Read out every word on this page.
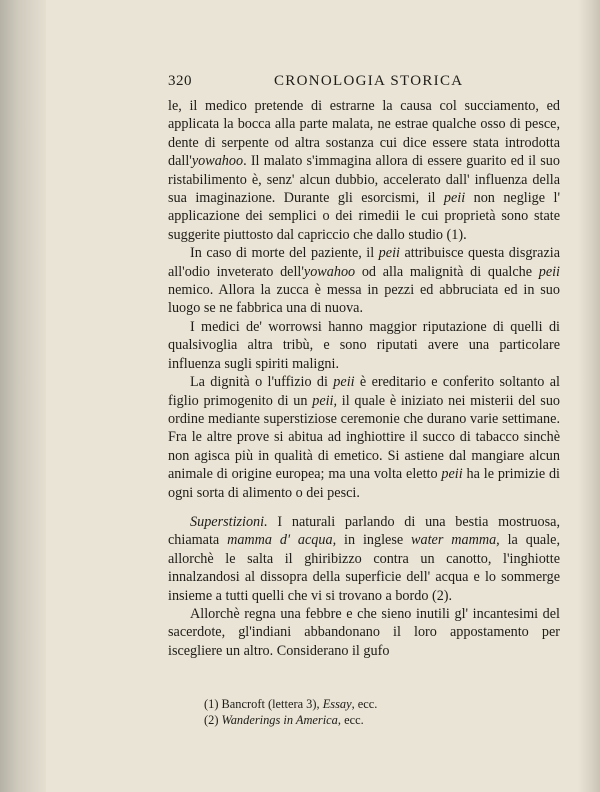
320	CRONOLOGIA STORICA

le, il medico pretende di estrarne la causa col succiamento, ed applicata la bocca alla parte malata, ne estrae qualche osso di pesce, dente di serpente od altra sostanza cui dice essere stata introdotta dall'yowahoo. Il malato s'immagina allora di essere guarito ed il suo ristabilimento è, senz' alcun dubbio, accelerato dall' influenza della sua imaginazione. Durante gli esorcismi, il peii non neglige l' applicazione dei semplici o dei rimedii le cui proprietà sono state suggerite piuttosto dal capriccio che dallo studio (1).

In caso di morte del paziente, il peii attribuisce questa disgrazia all'odio inveterato dell'yowahoo od alla malignità di qualche peii nemico. Allora la zucca è messa in pezzi ed abbruciata ed in suo luogo se ne fabbrica una di nuova.

I medici de' worrowsi hanno maggior riputazione di quelli di qualsivoglia altra tribù, e sono riputati avere una particolare influenza sugli spiriti maligni.

La dignità o l'uffizio di peii è ereditario e conferito soltanto al figlio primogenito di un peii, il quale è iniziato nei misterii del suo ordine mediante superstiziose ceremonie che durano varie settimane. Fra le altre prove si abitua ad inghiottire il succo di tabacco sinchè non agisca più in qualità di emetico. Si astiene dal mangiare alcun animale di origine europea; ma una volta eletto peii ha le primizie di ogni sorta di alimento o dei pesci.

Superstizioni. I naturali parlando di una bestia mostruosa, chiamata mamma d' acqua, in inglese water mamma, la quale, allorchè le salta il ghiribizzo contra un canotto, l'inghiotte innalzandosi al dissopra della superficie dell' acqua e lo sommerge insieme a tutti quelli che vi si trovano a bordo (2).

Allorchè regna una febbre e che sieno inutili gl' incantesimi del sacerdote, gl'indiani abbandonano il loro appostamento per iscegliere un altro. Considerano il gufo

(1) Bancroft (lettera 3), Essay, ecc.

(2) Wanderings in America, ecc.
